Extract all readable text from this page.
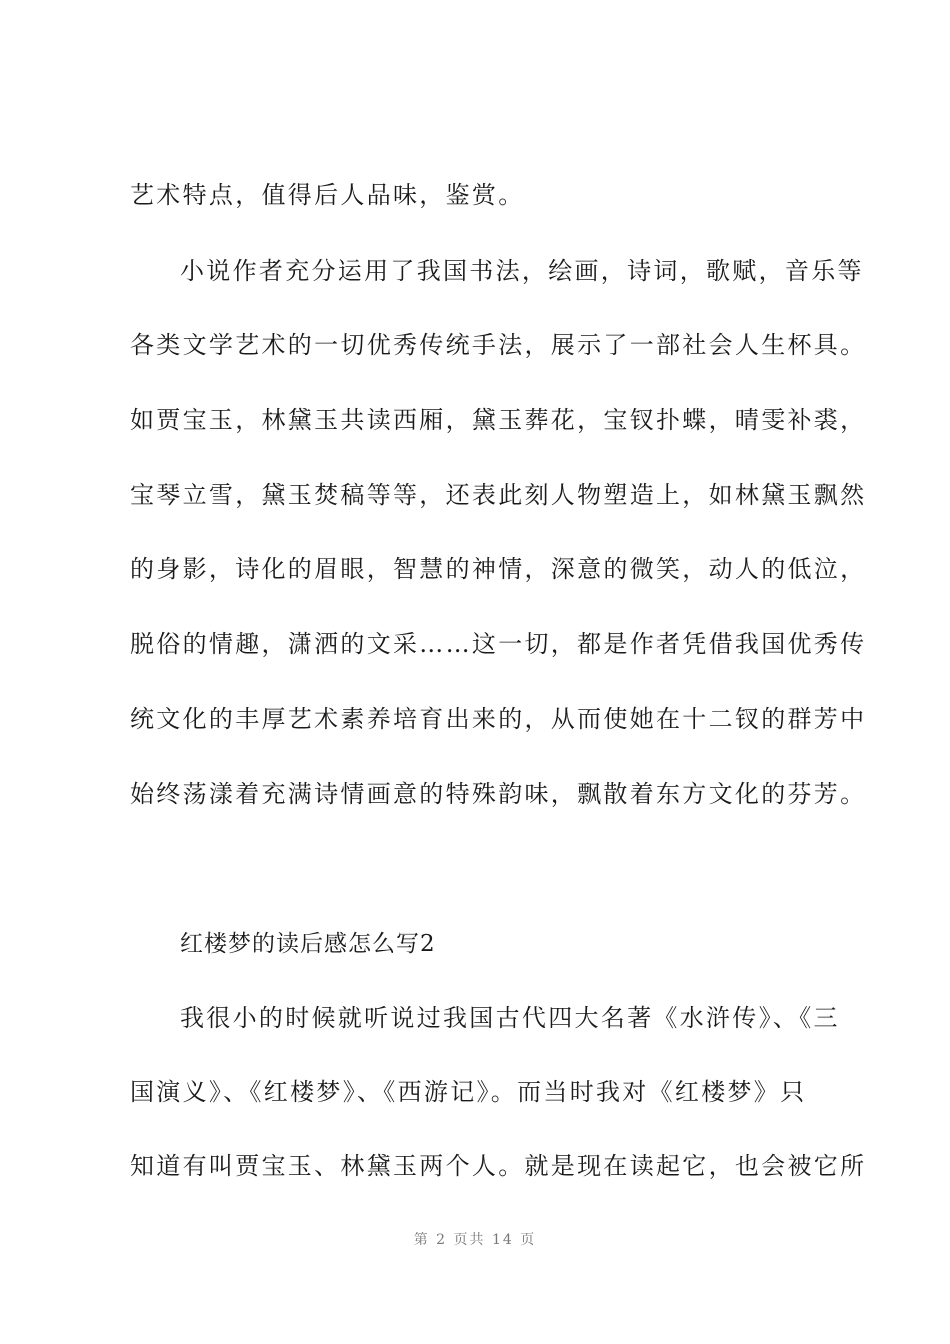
艺术特点，值得后人品味，鉴赏。
小说作者充分运用了我国书法，绘画，诗词，歌赋，音乐等
各类文学艺术的一切优秀传统手法，展示了一部社会人生杯具。
如贾宝玉，林黛玉共读西厢，黛玉葬花，宝钗扑蝶，晴雯补裘，
宝琴立雪，黛玉焚稿等等，还表此刻人物塑造上，如林黛玉飘然
的身影，诗化的眉眼，智慧的神情，深意的微笑，动人的低泣，
脱俗的情趣，潇洒的文采……这一切，都是作者凭借我国优秀传
统文化的丰厚艺术素养培育出来的，从而使她在十二钗的群芳中
始终荡漾着充满诗情画意的特殊韵味，飘散着东方文化的芬芳。
红楼梦的读后感怎么写2
我很小的时候就听说过我国古代四大名著《水浒传》、《三
国演义》、《红楼梦》、《西游记》。而当时我对《红楼梦》只
知道有叫贾宝玉、林黛玉两个人。就是现在读起它，也会被它所
第 2 页共 14 页
